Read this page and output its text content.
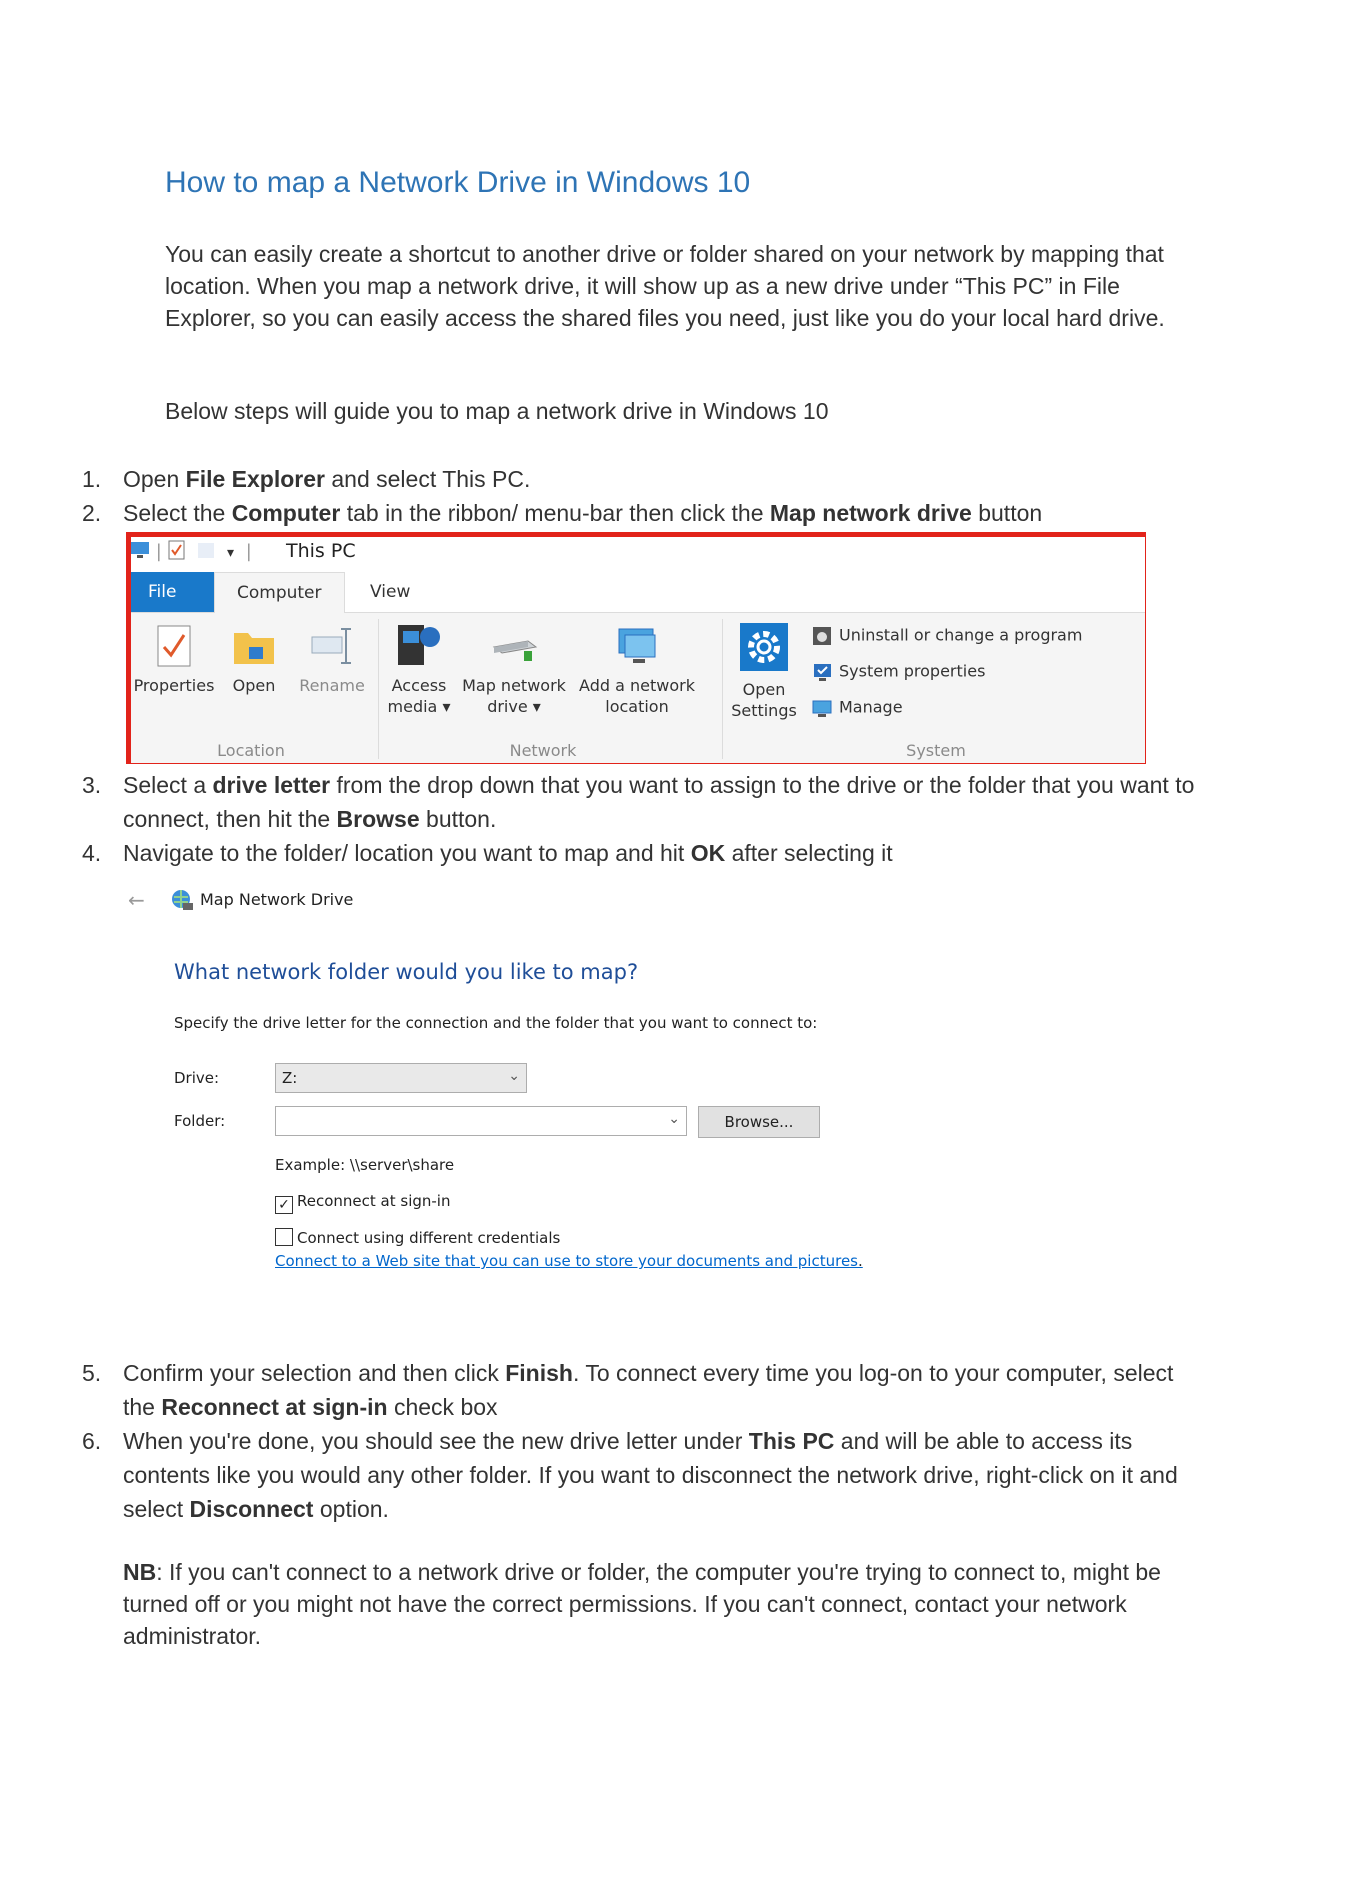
How to map a Network Drive in Windows 10

You can easily create a shortcut to another drive or folder shared on your network by mapping that location. When you map a network drive, it will show up as a new drive under “This PC” in File Explorer, so you can easily access the shared files you need, just like you do your local hard drive.

Below steps will guide you to map a network drive in Windows 10

1. Open File Explorer and select This PC.
2. Select the Computer tab in the ribbon/ menu-bar then click the Map network drive button
|	▾ | This PC
File	Computer	View
Properties	Open	Rename
Location
Access
media ▾
Map network
drive ▾
Add a network
location
Network
Open
Settings
Uninstall or change a program
System properties
Manage
System
3. Select a drive letter from the drop down that you want to assign to the drive or the folder that you want to connect, then hit the Browse button.
4. Navigate to the folder/ location you want to map and hit OK after selecting it
←	Map Network Drive
What network folder would you like to map?
Specify the drive letter for the connection and the folder that you want to connect to:
Drive:	Z:	⌄
Folder:	⌄	Browse...
Example: \\server\share
✓ Reconnect at sign-in
Connect using different credentials
Connect to a Web site that you can use to store your documents and pictures.
5. Confirm your selection and then click Finish. To connect every time you log-on to your computer, select the Reconnect at sign-in check box
6. When you're done, you should see the new drive letter under This PC and will be able to access its contents like you would any other folder. If you want to disconnect the network drive, right-click on it and select Disconnect option.
NB: If you can't connect to a network drive or folder, the computer you're trying to connect to, might be turned off or you might not have the correct permissions. If you can't connect, contact your network administrator.
